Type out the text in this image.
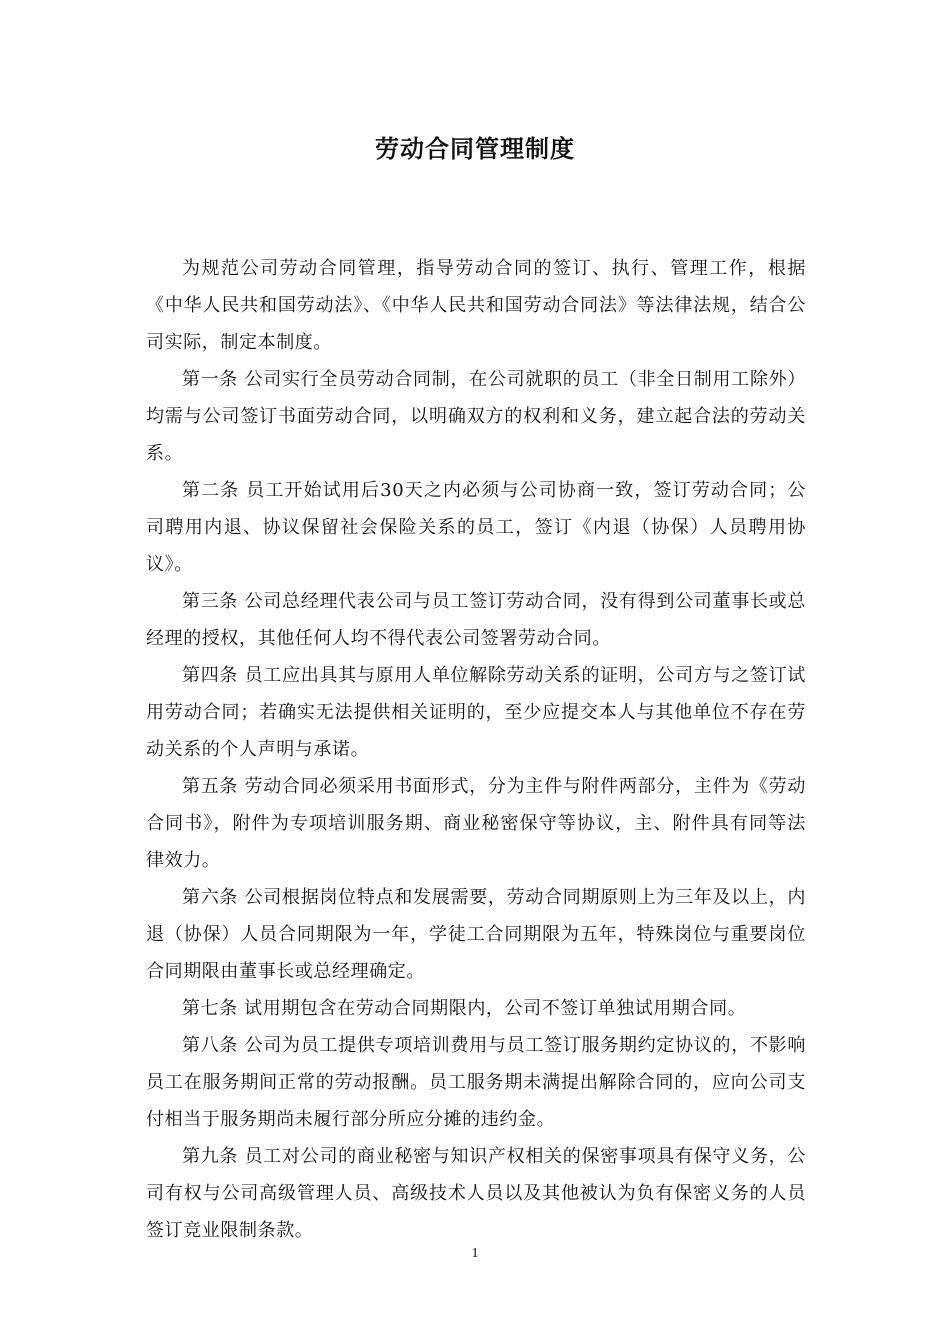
劳动合同管理制度

为规范公司劳动合同管理，指导劳动合同的签订、执行、管理工作，根据《中华人民共和国劳动法》、《中华人民共和国劳动合同法》等法律法规，结合公司实际，制定本制度。

第一条 公司实行全员劳动合同制，在公司就职的员工（非全日制用工除外）均需与公司签订书面劳动合同，以明确双方的权利和义务，建立起合法的劳动关系。

第二条 员工开始试用后30天之内必须与公司协商一致，签订劳动合同；公司聘用内退、协议保留社会保险关系的员工，签订《内退（协保）人员聘用协议》。

第三条 公司总经理代表公司与员工签订劳动合同，没有得到公司董事长或总经理的授权，其他任何人均不得代表公司签署劳动合同。

第四条 员工应出具其与原用人单位解除劳动关系的证明，公司方与之签订试用劳动合同；若确实无法提供相关证明的，至少应提交本人与其他单位不存在劳动关系的个人声明与承诺。

第五条 劳动合同必须采用书面形式，分为主件与附件两部分，主件为《劳动合同书》，附件为专项培训服务期、商业秘密保守等协议，主、附件具有同等法律效力。

第六条 公司根据岗位特点和发展需要，劳动合同期原则上为三年及以上，内退（协保）人员合同期限为一年，学徒工合同期限为五年，特殊岗位与重要岗位合同期限由董事长或总经理确定。

第七条 试用期包含在劳动合同期限内，公司不签订单独试用期合同。

第八条 公司为员工提供专项培训费用与员工签订服务期约定协议的，不影响员工在服务期间正常的劳动报酬。员工服务期未满提出解除合同的，应向公司支付相当于服务期尚未履行部分所应分摊的违约金。

第九条 员工对公司的商业秘密与知识产权相关的保密事项具有保守义务，公司有权与公司高级管理人员、高级技术人员以及其他被认为负有保密义务的人员签订竞业限制条款。

1
